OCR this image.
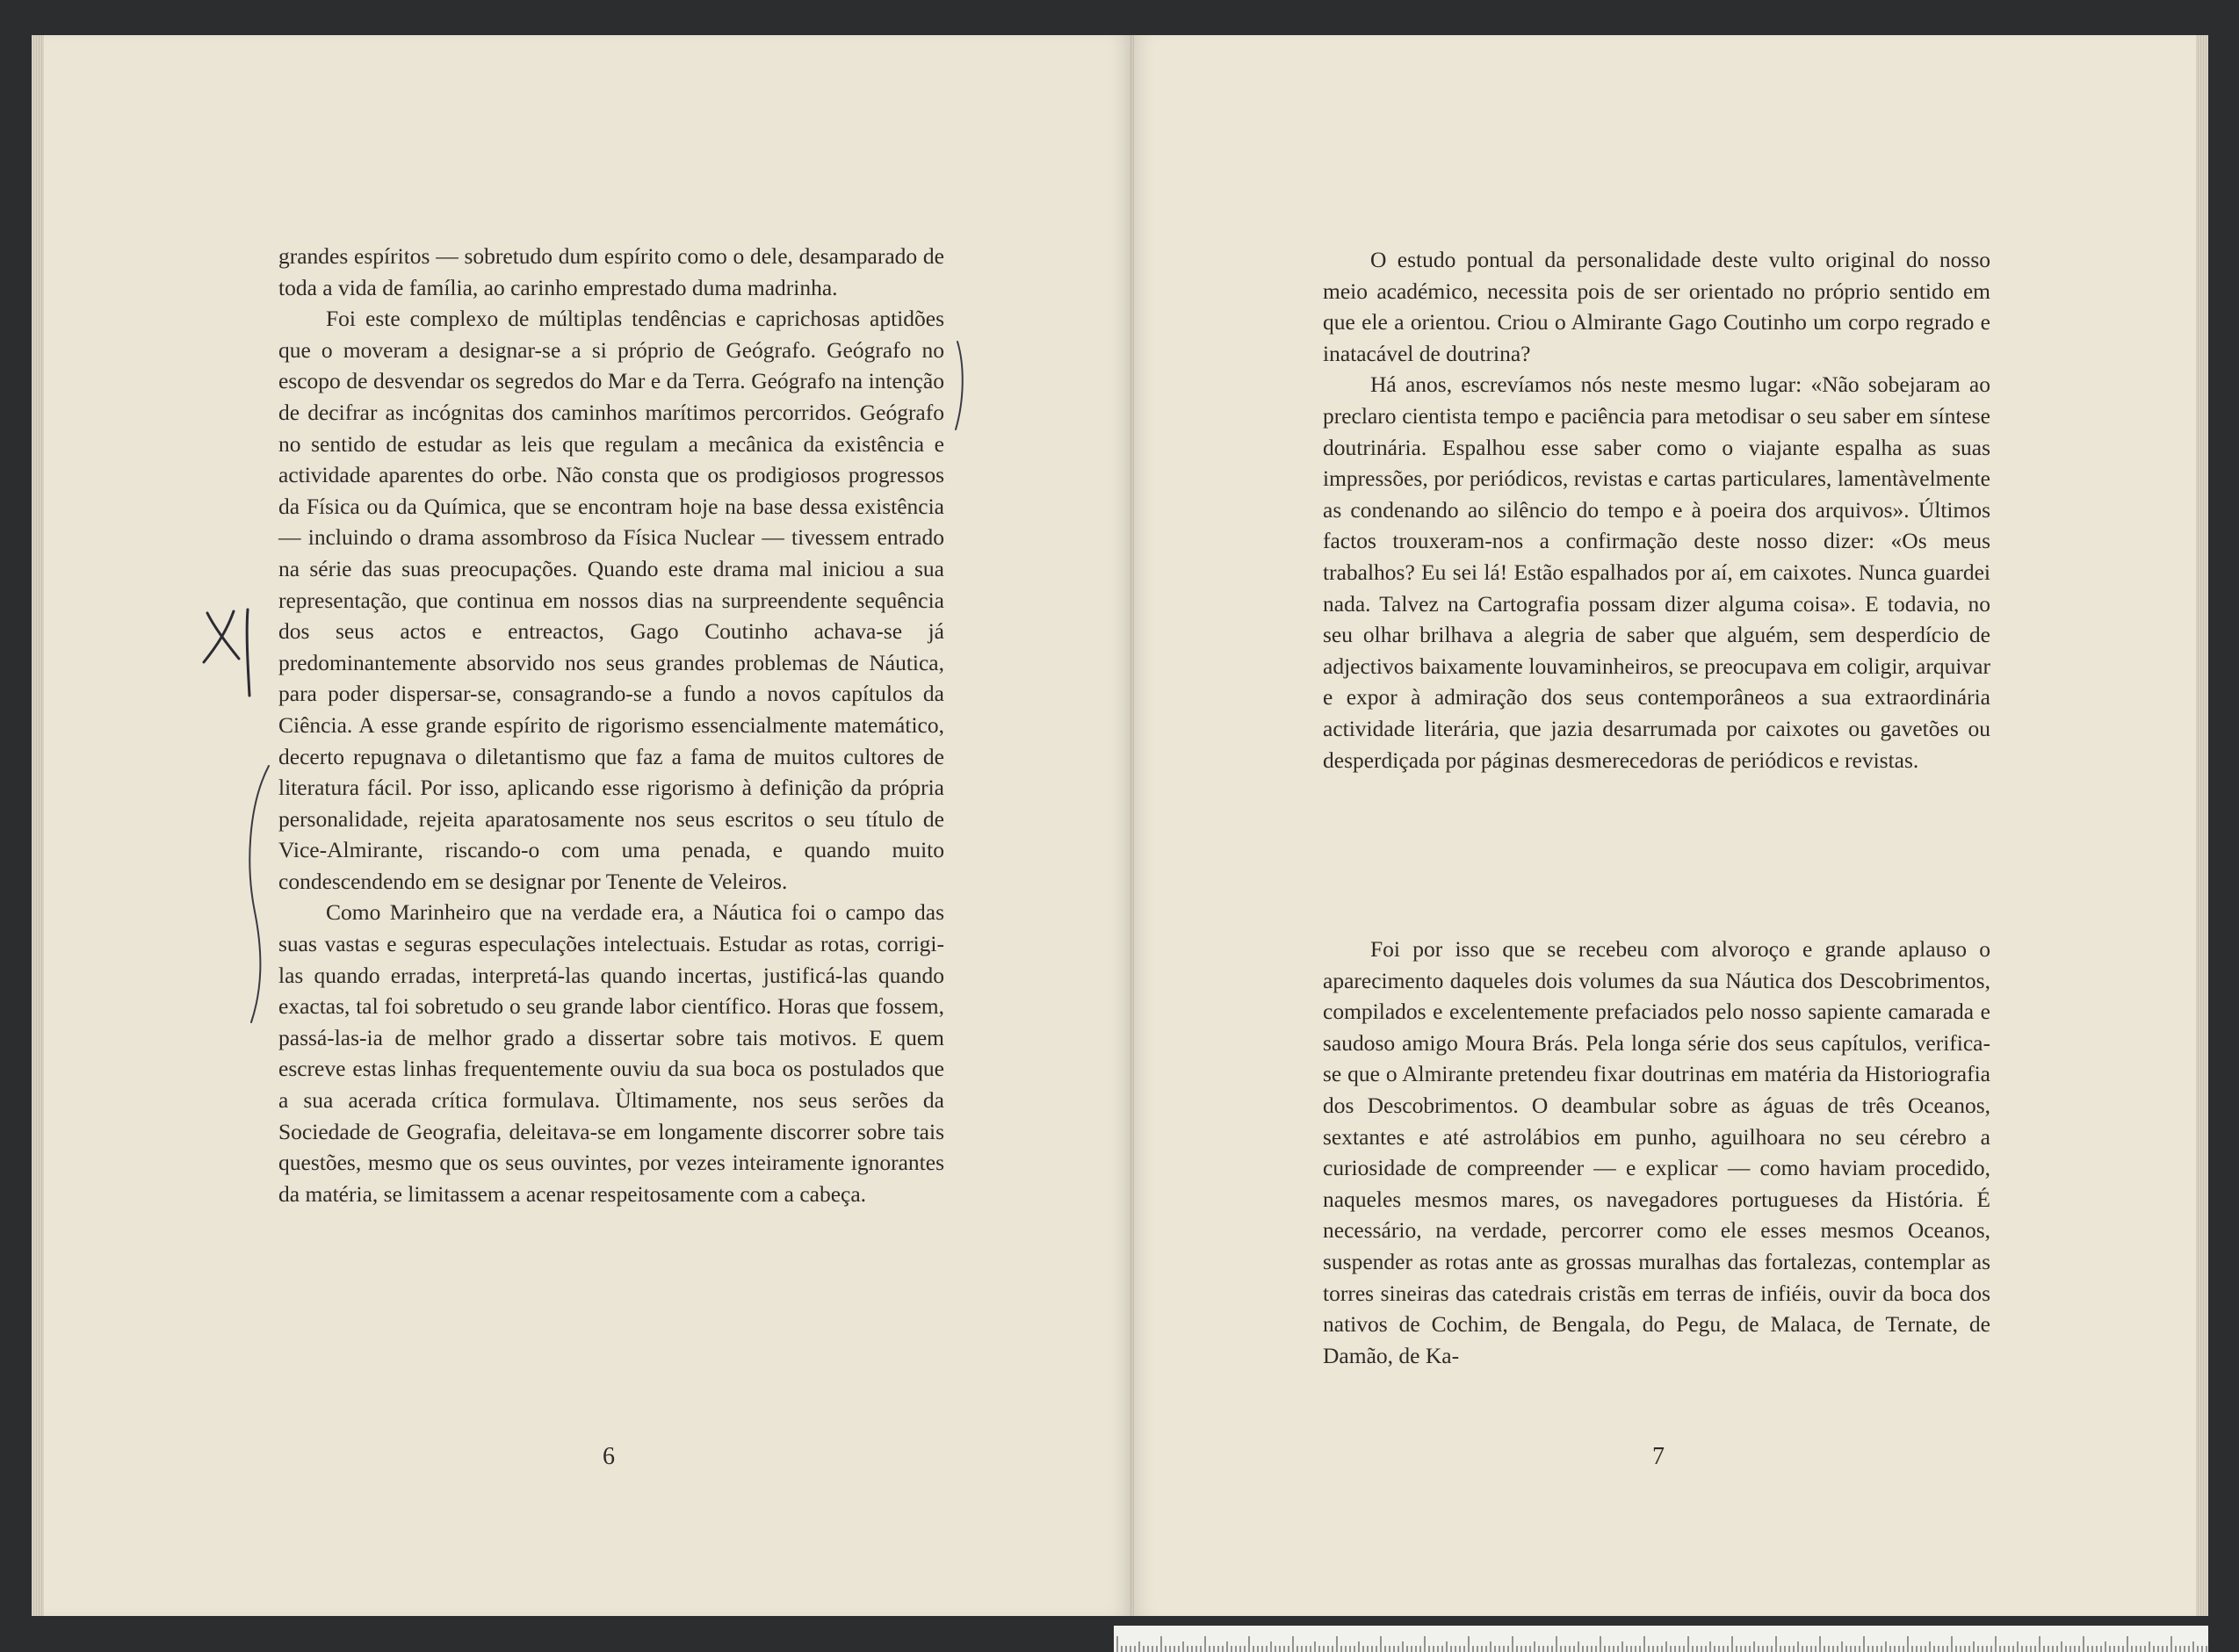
grandes espíritos — sobretudo dum espírito como o dele, desamparado de toda a vida de família, ao carinho emprestado duma madrinha.

Foi este complexo de múltiplas tendências e caprichosas aptidões que o moveram a designar-se a si próprio de Geógrafo. Geógrafo no escopo de desvendar os segredos do Mar e da Terra. Geógrafo na intenção de decifrar as incógnitas dos caminhos marítimos percorridos. Geógrafo no sentido de estudar as leis que regulam a mecânica da existência e actividade aparentes do orbe. Não consta que os prodigiosos progressos da Física ou da Química, que se encontram hoje na base dessa existência — incluindo o drama assombroso da Física Nuclear — tivessem entrado na série das suas preocupações. Quando este drama mal iniciou a sua representação, que continua em nossos dias na surpreendente sequência dos seus actos e entreactos, Gago Coutinho achava-se já predominantemente absorvido nos seus grandes problemas de Náutica, para poder dispersar-se, consagrando-se a fundo a novos capítulos da Ciência. A esse grande espírito de rigorismo essencialmente matemático, decerto repugnava o diletantismo que faz a fama de muitos cultores de literatura fácil. Por isso, aplicando esse rigorismo à definição da própria personalidade, rejeita aparatosamente nos seus escritos o seu título de Vice-Almirante, riscando-o com uma penada, e quando muito condescendendo em se designar por Tenente de Veleiros.

Como Marinheiro que na verdade era, a Náutica foi o campo das suas vastas e seguras especulações intelectuais. Estudar as rotas, corrigi-las quando erradas, interpretá-las quando incertas, justificá-las quando exactas, tal foi sobretudo o seu grande labor científico. Horas que fossem, passá-las-ia de melhor grado a dissertar sobre tais motivos. E quem escreve estas linhas frequentemente ouviu da sua boca os postulados que a sua acerada crítica formulava. Ùltimamente, nos seus serões da Sociedade de Geografia, deleitava-se em longamente discorrer sobre tais questões, mesmo que os seus ouvintes, por vezes inteiramente ignorantes da matéria, se limitassem a acenar respeitosamente com a cabeça.

O estudo pontual da personalidade deste vulto original do nosso meio académico, necessita pois de ser orientado no próprio sentido em que ele a orientou. Criou o Almirante Gago Coutinho um corpo regrado e inatacável de doutrina?

Há anos, escrevíamos nós neste mesmo lugar: «Não sobejaram ao preclaro cientista tempo e paciência para metodisar o seu saber em síntese doutrinária. Espalhou esse saber como o viajante espalha as suas impressões, por periódicos, revistas e cartas particulares, lamentàvelmente as condenando ao silêncio do tempo e à poeira dos arquivos». Últimos factos trouxeram-nos a confirmação deste nosso dizer: «Os meus trabalhos? Eu sei lá! Estão espalhados por aí, em caixotes. Nunca guardei nada. Talvez na Cartografia possam dizer alguma coisa». E todavia, no seu olhar brilhava a alegria de saber que alguém, sem desperdício de adjectivos baixamente louvaminheiros, se preocupava em coligir, arquivar e expor à admiração dos seus contemporâneos a sua extraordinária actividade literária, que jazia desarrumada por caixotes ou gavetões ou desperdiçada por páginas desmerecedoras de periódicos e revistas.

Foi por isso que se recebeu com alvoroço e grande aplauso o aparecimento daqueles dois volumes da sua Náutica dos Descobrimentos, compilados e excelentemente prefaciados pelo nosso sapiente camarada e saudoso amigo Moura Brás. Pela longa série dos seus capítulos, verifica-se que o Almirante pretendeu fixar doutrinas em matéria da Historiografia dos Descobrimentos. O deambular sobre as águas de três Oceanos, sextantes e até astrolábios em punho, aguilhoara no seu cérebro a curiosidade de compreender — e explicar — como haviam procedido, naqueles mesmos mares, os navegadores portugueses da História. É necessário, na verdade, percorrer como ele esses mesmos Oceanos, suspender as rotas ante as grossas muralhas das fortalezas, contemplar as torres sineiras das catedrais cristãs em terras de infiéis, ouvir da boca dos nativos de Cochim, de Bengala, do Pegu, de Malaca, de Ternate, de Damão, de Ka-

6	7
